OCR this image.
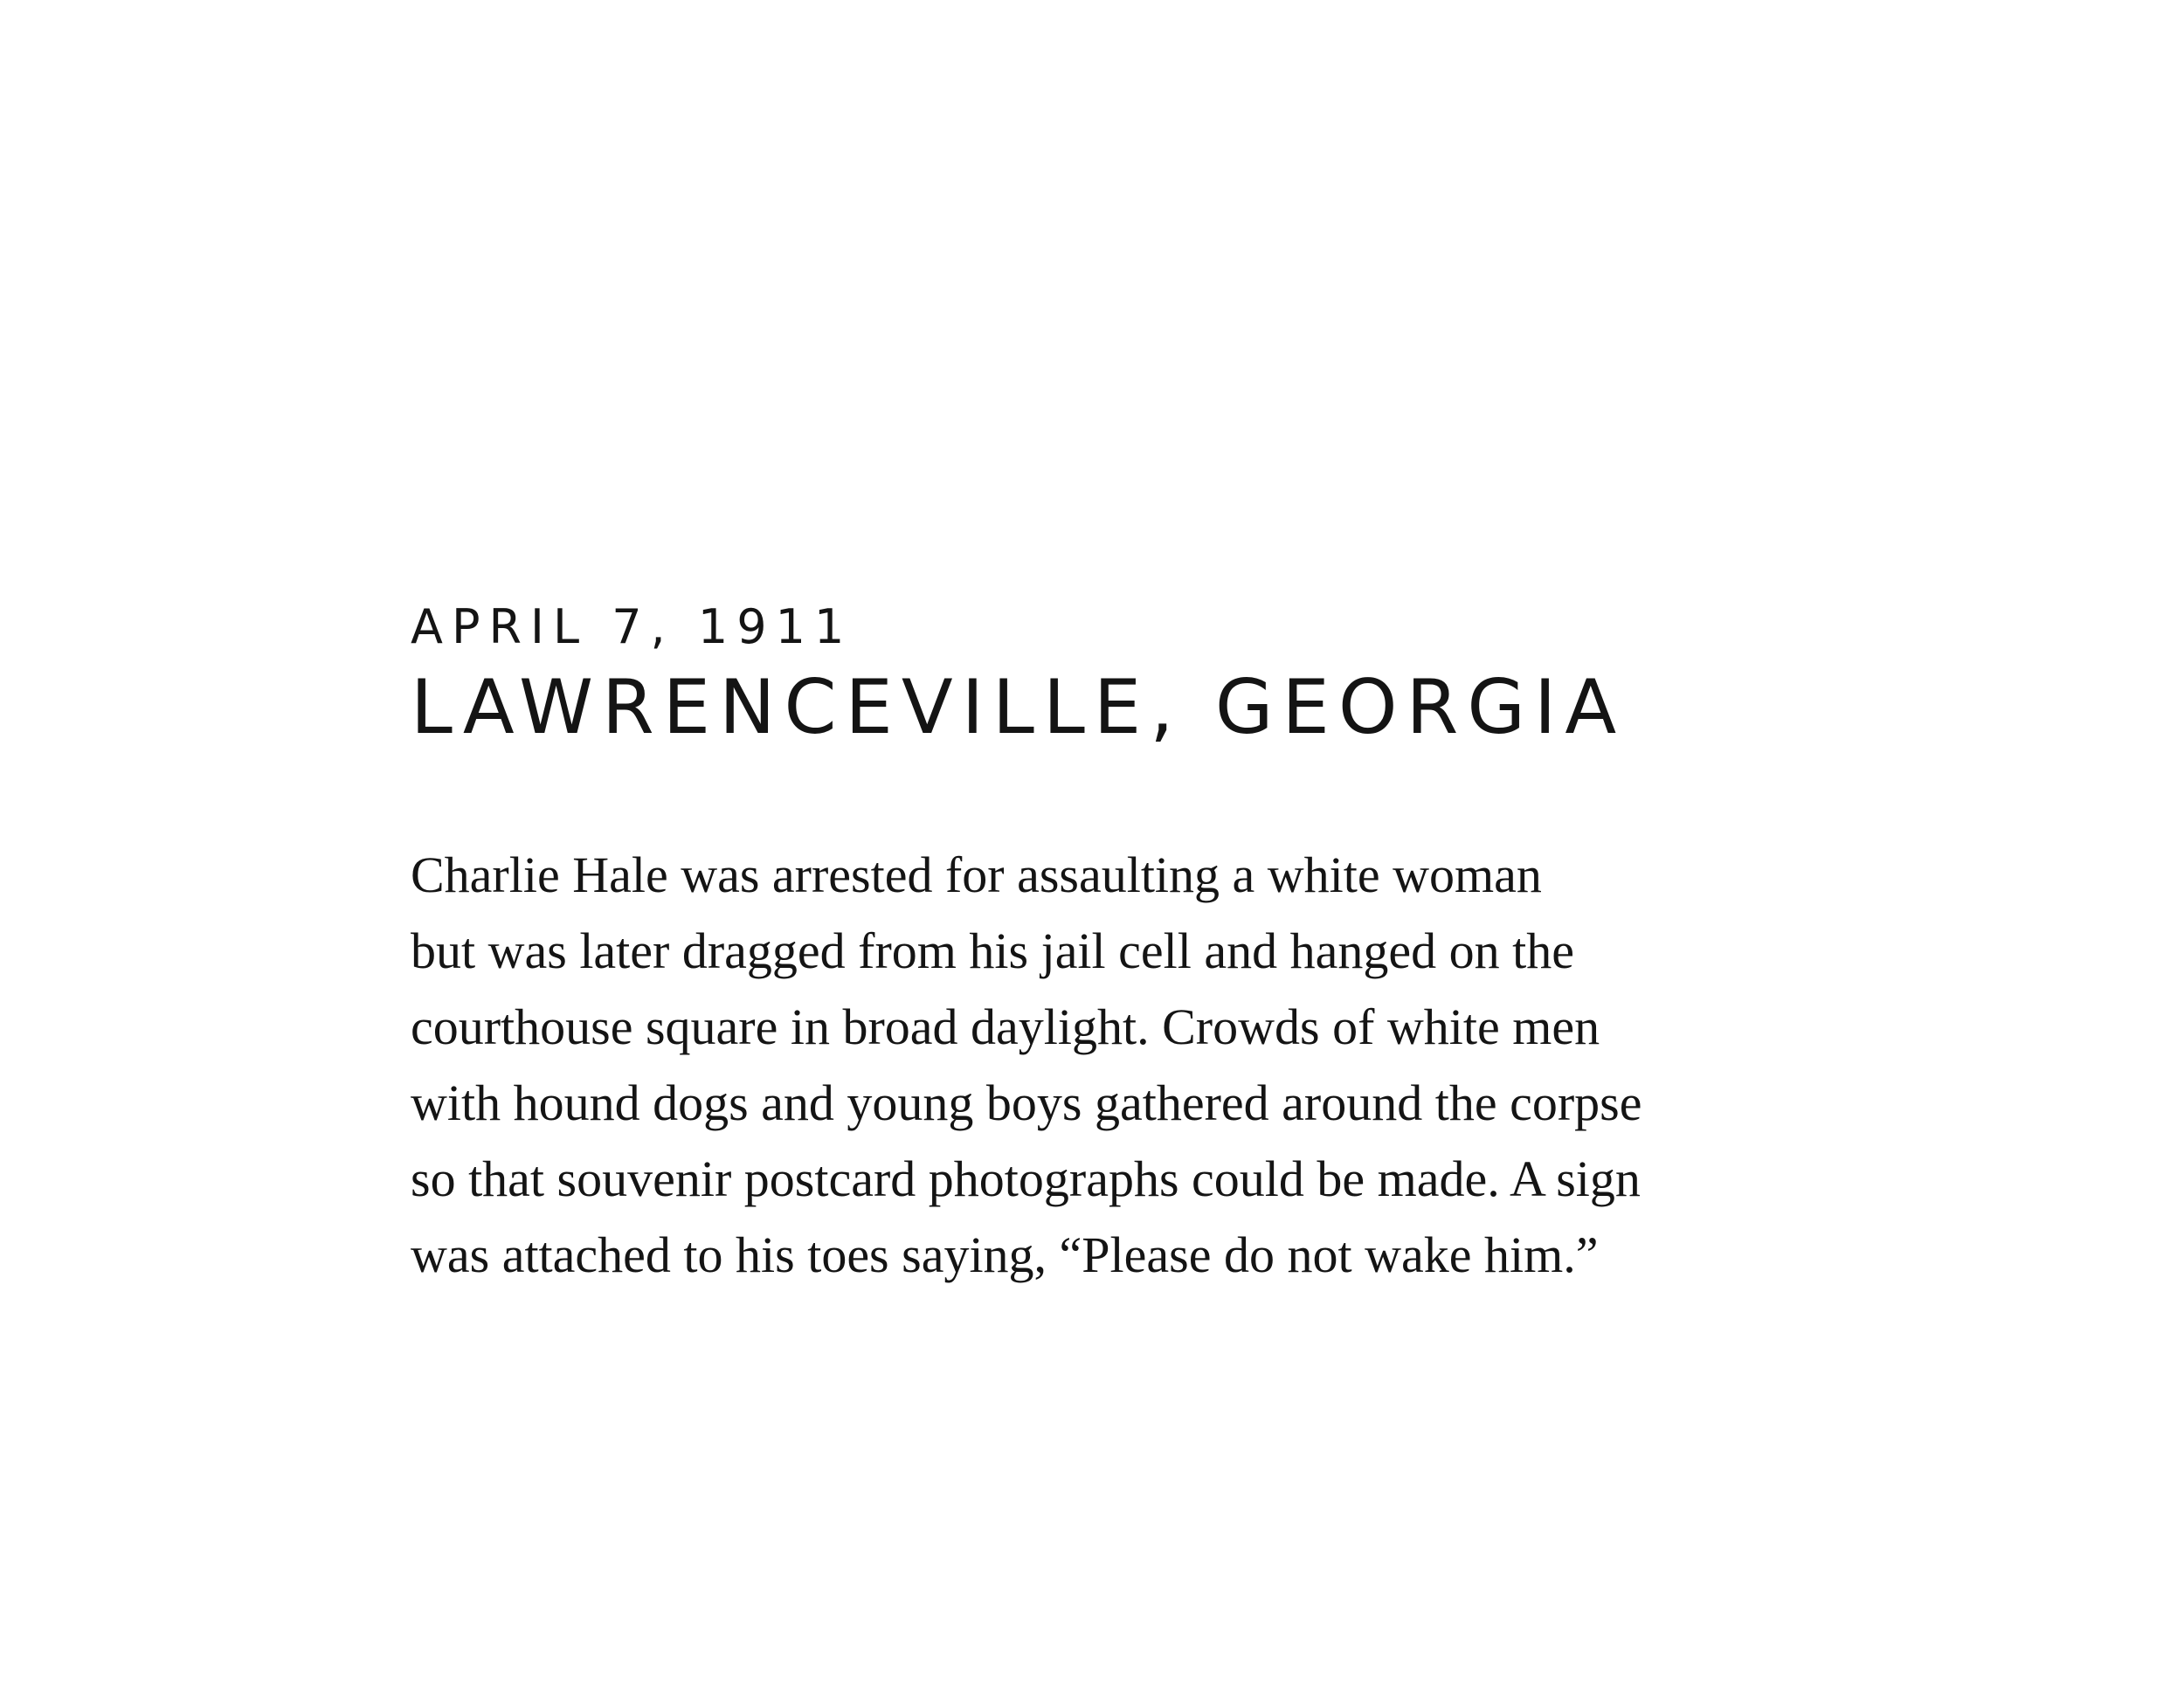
APRIL 7, 1911
LAWRENCEVILLE, GEORGIA
Charlie Hale was arrested for assaulting a white woman
but was later dragged from his jail cell and hanged on the
courthouse square in broad daylight. Crowds of white men
with hound dogs and young boys gathered around the corpse
so that souvenir postcard photographs could be made. A sign
was attached to his toes saying, “Please do not wake him.”
